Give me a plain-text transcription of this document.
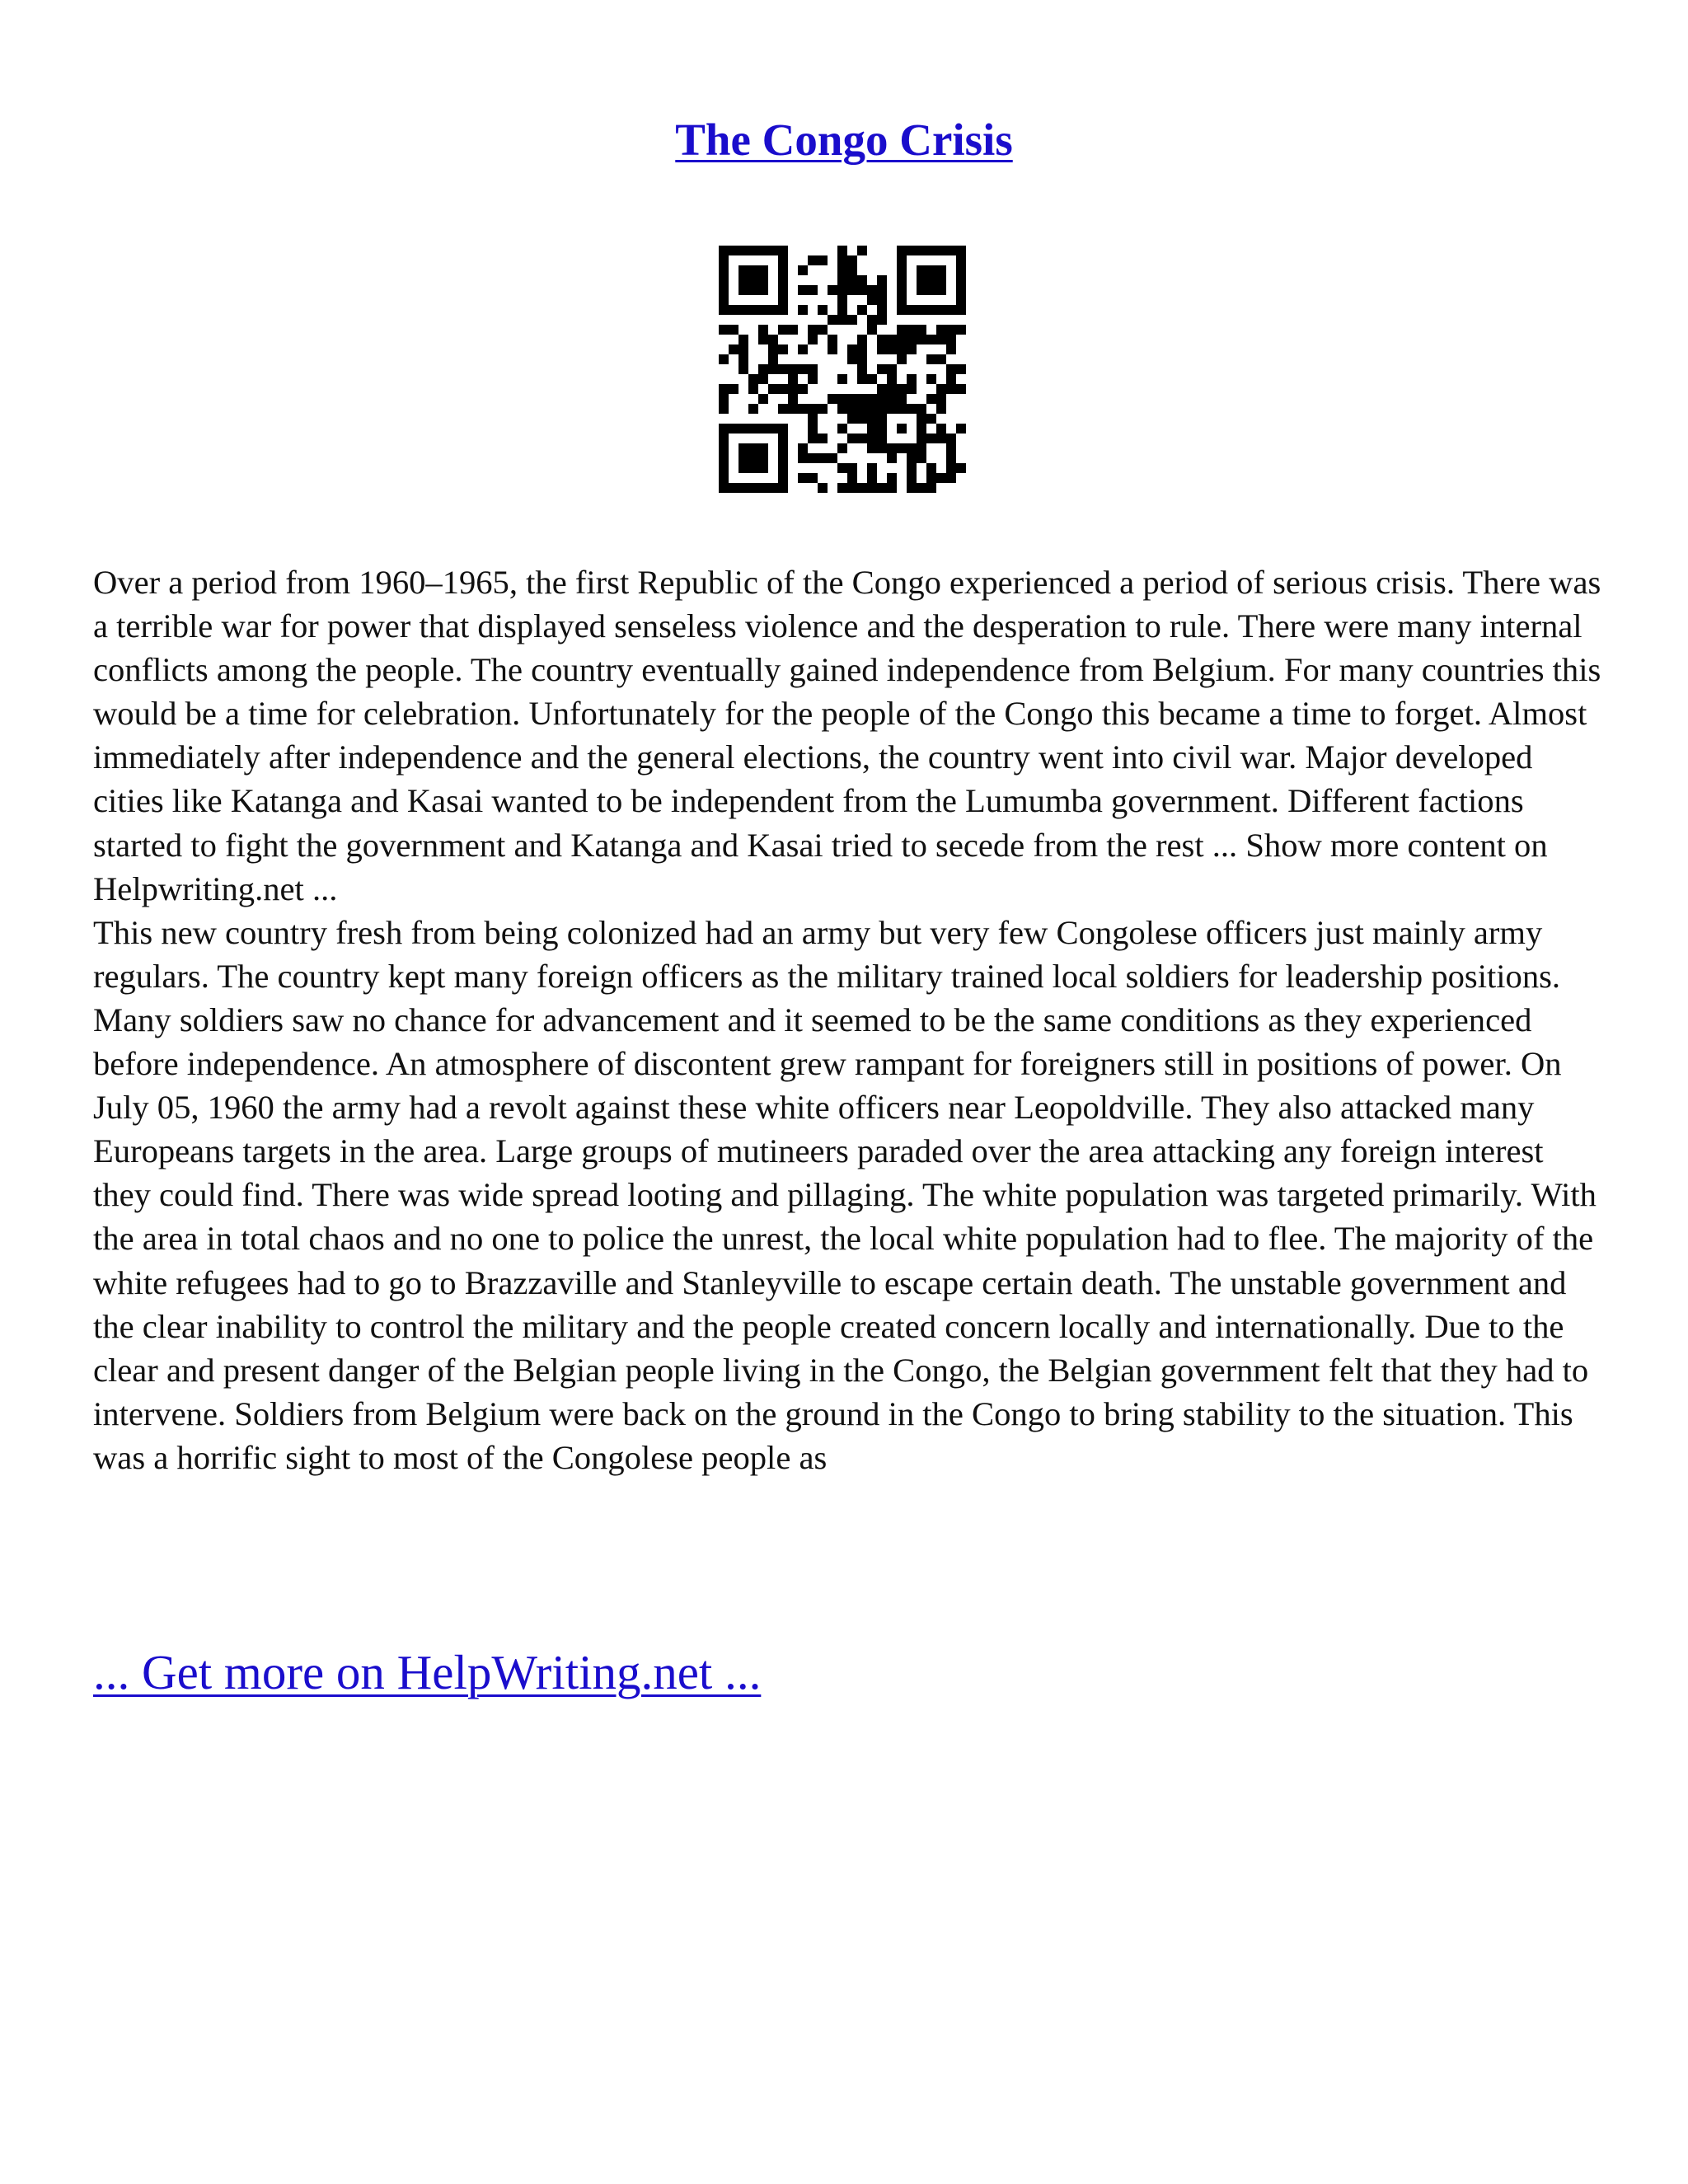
The Congo Crisis

Over a period from 1960–1965, the first Republic of the Congo experienced a period of serious crisis. There was a terrible war for power that displayed senseless violence and the desperation to rule. There were many internal conflicts among the people. The country eventually gained independence from Belgium. For many countries this would be a time for celebration. Unfortunately for the people of the Congo this became a time to forget. Almost immediately after independence and the general elections, the country went into civil war. Major developed cities like Katanga and Kasai wanted to be independent from the Lumumba government. Different factions started to fight the government and Katanga and Kasai tried to secede from the rest ... Show more content on Helpwriting.net ...

This new country fresh from being colonized had an army but very few Congolese officers just mainly army regulars. The country kept many foreign officers as the military trained local soldiers for leadership positions. Many soldiers saw no chance for advancement and it seemed to be the same conditions as they experienced before independence. An atmosphere of discontent grew rampant for foreigners still in positions of power. On July 05, 1960 the army had a revolt against these white officers near Leopoldville. They also attacked many Europeans targets in the area. Large groups of mutineers paraded over the area attacking any foreign interest they could find. There was wide spread looting and pillaging. The white population was targeted primarily. With the area in total chaos and no one to police the unrest, the local white population had to flee. The majority of the white refugees had to go to Brazzaville and Stanleyville to escape certain death. The unstable government and the clear inability to control the military and the people created concern locally and internationally. Due to the clear and present danger of the Belgian people living in the Congo, the Belgian government felt that they had to intervene. Soldiers from Belgium were back on the ground in the Congo to bring stability to the situation. This was a horrific sight to most of the Congolese people as

... Get more on HelpWriting.net ...
